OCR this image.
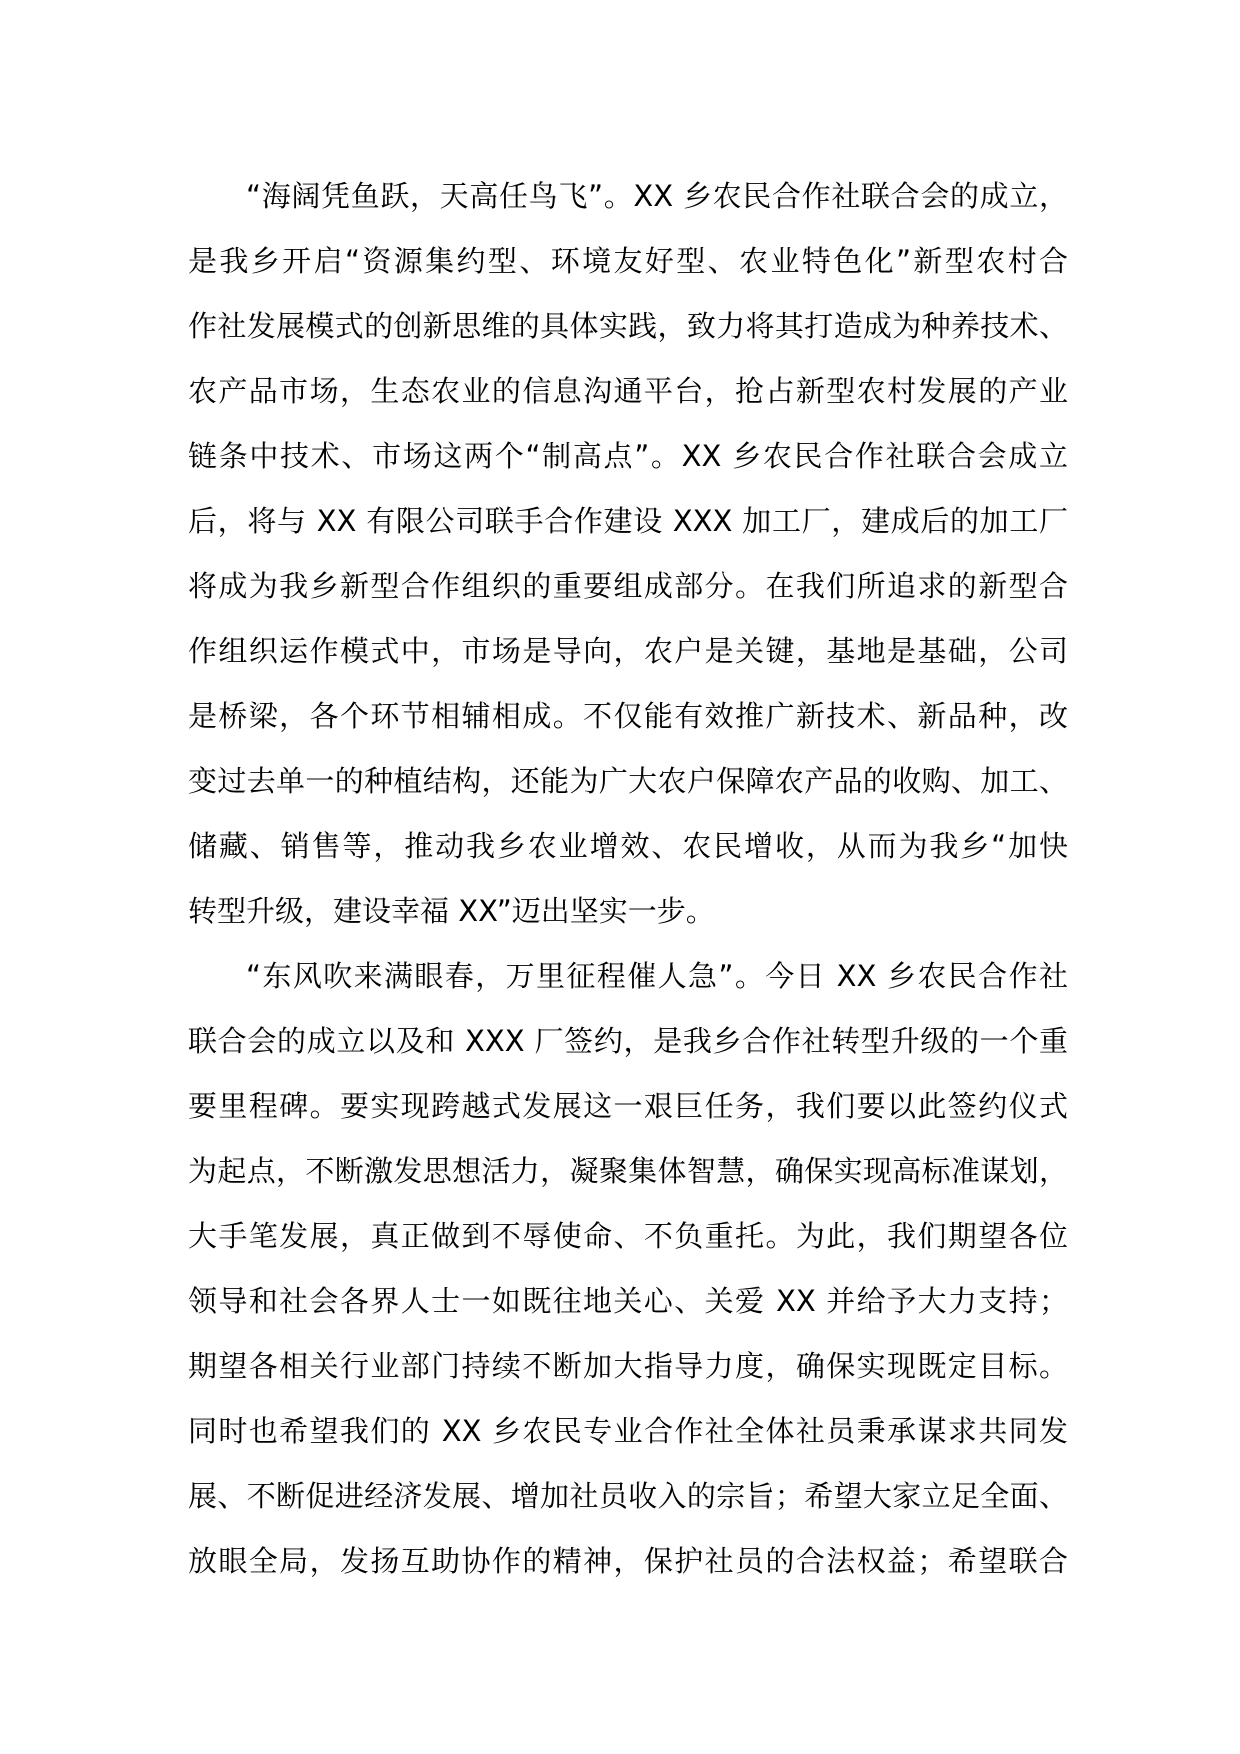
“海阔凭鱼跃，天高任鸟飞”。XX 乡农民合作社联合会的成立，
是我乡开启“资源集约型、环境友好型、农业特色化”新型农村合
作社发展模式的创新思维的具体实践，致力将其打造成为种养技术、
农产品市场，生态农业的信息沟通平台，抢占新型农村发展的产业
链条中技术、市场这两个“制高点”。XX 乡农民合作社联合会成立
后，将与 XX 有限公司联手合作建设 XXX 加工厂，建成后的加工厂
将成为我乡新型合作组织的重要组成部分。在我们所追求的新型合
作组织运作模式中，市场是导向，农户是关键，基地是基础，公司
是桥梁，各个环节相辅相成。不仅能有效推广新技术、新品种，改
变过去单一的种植结构，还能为广大农户保障农产品的收购、加工、
储藏、销售等，推动我乡农业增效、农民增收，从而为我乡“加快
转型升级，建设幸福 XX”迈出坚实一步。
“东风吹来满眼春，万里征程催人急”。今日 XX 乡农民合作社
联合会的成立以及和 XXX 厂签约，是我乡合作社转型升级的一个重
要里程碑。要实现跨越式发展这一艰巨任务，我们要以此签约仪式
为起点，不断激发思想活力，凝聚集体智慧，确保实现高标准谋划，
大手笔发展，真正做到不辱使命、不负重托。为此，我们期望各位
领导和社会各界人士一如既往地关心、关爱 XX 并给予大力支持；
期望各相关行业部门持续不断加大指导力度，确保实现既定目标。
同时也希望我们的 XX 乡农民专业合作社全体社员秉承谋求共同发
展、不断促进经济发展、增加社员收入的宗旨；希望大家立足全面、
放眼全局，发扬互助协作的精神，保护社员的合法权益；希望联合
